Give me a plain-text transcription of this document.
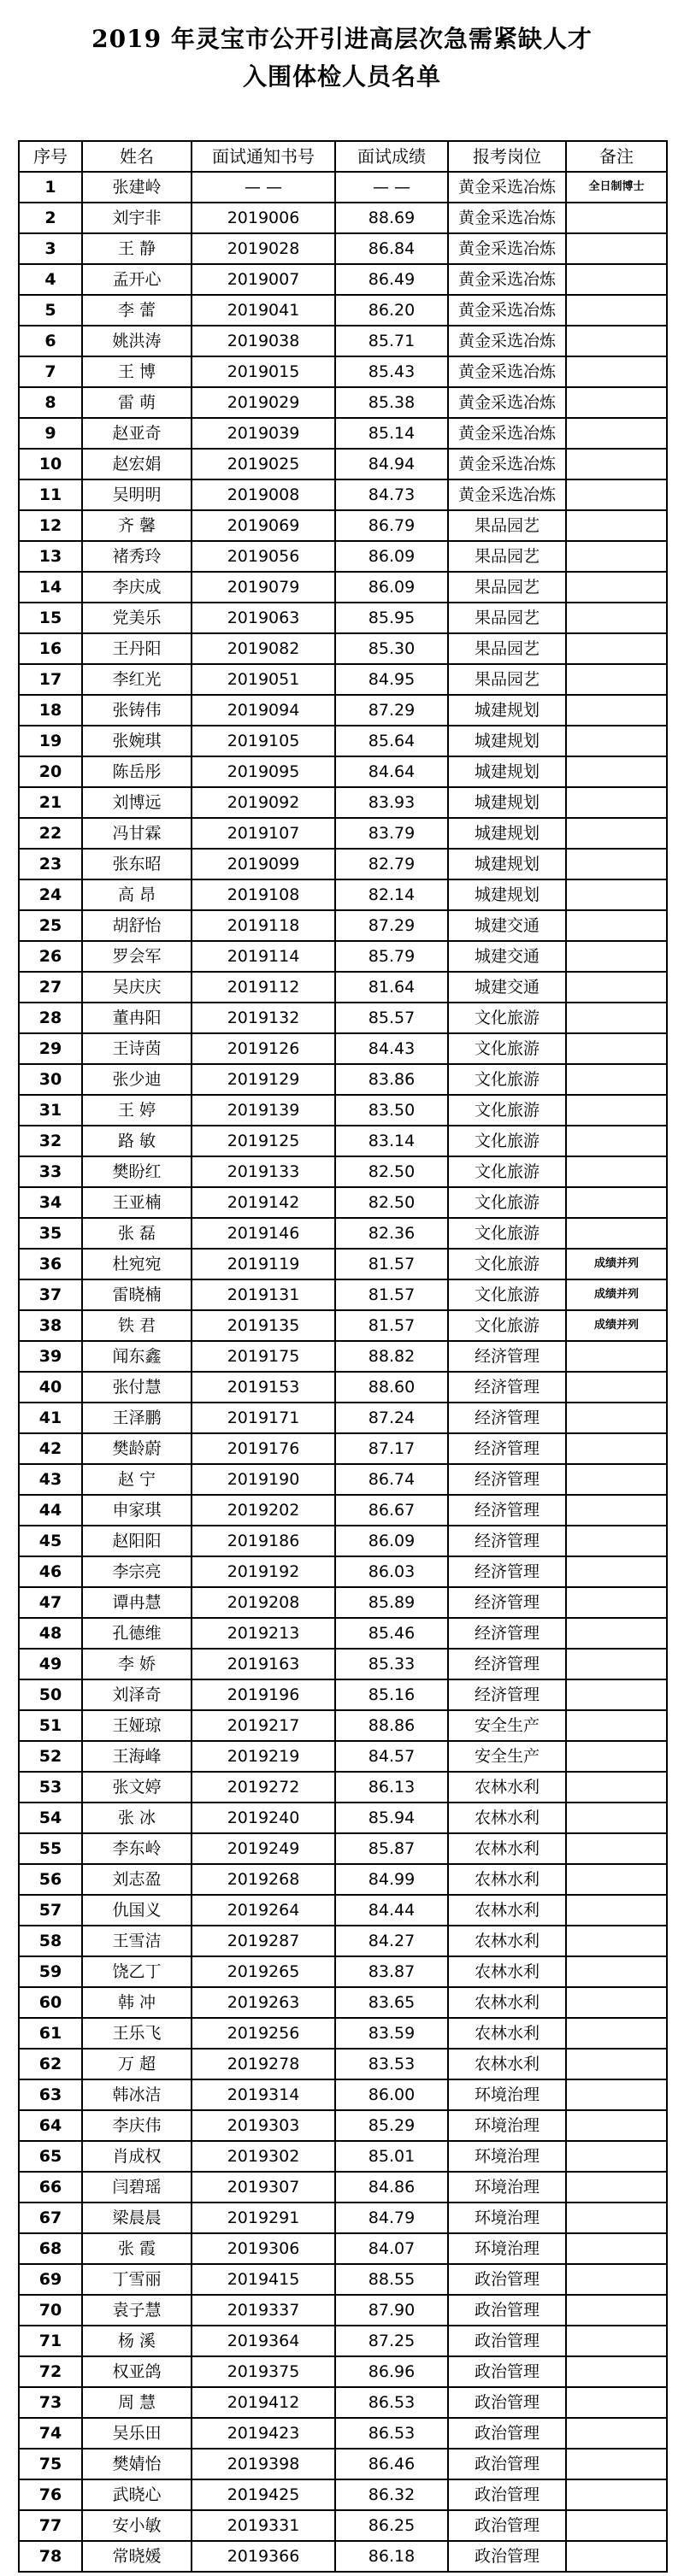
2019 年灵宝市公开引进高层次急需紧缺人才
入围体检人员名单
序号	姓名	面试通知书号	面试成绩	报考岗位	备注
1	张建岭	— —	— —	黄金采选冶炼	全日制博士
2	刘宇非	2019006	88.69	黄金采选冶炼	
3	王 静	2019028	86.84	黄金采选冶炼	
4	孟开心	2019007	86.49	黄金采选冶炼	
5	李 蕾	2019041	86.20	黄金采选冶炼	
6	姚洪涛	2019038	85.71	黄金采选冶炼	
7	王 博	2019015	85.43	黄金采选冶炼	
8	雷 萌	2019029	85.38	黄金采选冶炼	
9	赵亚奇	2019039	85.14	黄金采选冶炼	
10	赵宏娟	2019025	84.94	黄金采选冶炼	
11	吴明明	2019008	84.73	黄金采选冶炼	
12	齐 馨	2019069	86.79	果品园艺	
13	褚秀玲	2019056	86.09	果品园艺	
14	李庆成	2019079	86.09	果品园艺	
15	党美乐	2019063	85.95	果品园艺	
16	王丹阳	2019082	85.30	果品园艺	
17	李红光	2019051	84.95	果品园艺	
18	张铸伟	2019094	87.29	城建规划	
19	张婉琪	2019105	85.64	城建规划	
20	陈岳彤	2019095	84.64	城建规划	
21	刘博远	2019092	83.93	城建规划	
22	冯甘霖	2019107	83.79	城建规划	
23	张东昭	2019099	82.79	城建规划	
24	高 昂	2019108	82.14	城建规划	
25	胡舒怡	2019118	87.29	城建交通	
26	罗会军	2019114	85.79	城建交通	
27	吴庆庆	2019112	81.64	城建交通	
28	董冉阳	2019132	85.57	文化旅游	
29	王诗茵	2019126	84.43	文化旅游	
30	张少迪	2019129	83.86	文化旅游	
31	王 婷	2019139	83.50	文化旅游	
32	路 敏	2019125	83.14	文化旅游	
33	樊盼红	2019133	82.50	文化旅游	
34	王亚楠	2019142	82.50	文化旅游	
35	张 磊	2019146	82.36	文化旅游	
36	杜宛宛	2019119	81.57	文化旅游	成绩并列
37	雷晓楠	2019131	81.57	文化旅游	成绩并列
38	铁 君	2019135	81.57	文化旅游	成绩并列
39	闻东鑫	2019175	88.82	经济管理	
40	张付慧	2019153	88.60	经济管理	
41	王泽鹏	2019171	87.24	经济管理	
42	樊龄蔚	2019176	87.17	经济管理	
43	赵 宁	2019190	86.74	经济管理	
44	申家琪	2019202	86.67	经济管理	
45	赵阳阳	2019186	86.09	经济管理	
46	李宗亮	2019192	86.03	经济管理	
47	谭冉慧	2019208	85.89	经济管理	
48	孔德维	2019213	85.46	经济管理	
49	李 娇	2019163	85.33	经济管理	
50	刘泽奇	2019196	85.16	经济管理	
51	王娅琼	2019217	88.86	安全生产	
52	王海峰	2019219	84.57	安全生产	
53	张文婷	2019272	86.13	农林水利	
54	张 冰	2019240	85.94	农林水利	
55	李东岭	2019249	85.87	农林水利	
56	刘志盈	2019268	84.99	农林水利	
57	仇国义	2019264	84.44	农林水利	
58	王雪洁	2019287	84.27	农林水利	
59	饶乙丁	2019265	83.87	农林水利	
60	韩 冲	2019263	83.65	农林水利	
61	王乐飞	2019256	83.59	农林水利	
62	万 超	2019278	83.53	农林水利	
63	韩冰洁	2019314	86.00	环境治理	
64	李庆伟	2019303	85.29	环境治理	
65	肖成权	2019302	85.01	环境治理	
66	闫碧瑶	2019307	84.86	环境治理	
67	梁晨晨	2019291	84.79	环境治理	
68	张 霞	2019306	84.07	环境治理	
69	丁雪丽	2019415	88.55	政治管理	
70	袁子慧	2019337	87.90	政治管理	
71	杨 溪	2019364	87.25	政治管理	
72	权亚鸽	2019375	86.96	政治管理	
73	周 慧	2019412	86.53	政治管理	
74	吴乐田	2019423	86.53	政治管理	
75	樊婧怡	2019398	86.46	政治管理	
76	武晓心	2019425	86.32	政治管理	
77	安小敏	2019331	86.25	政治管理	
78	常晓媛	2019366	86.18	政治管理	
